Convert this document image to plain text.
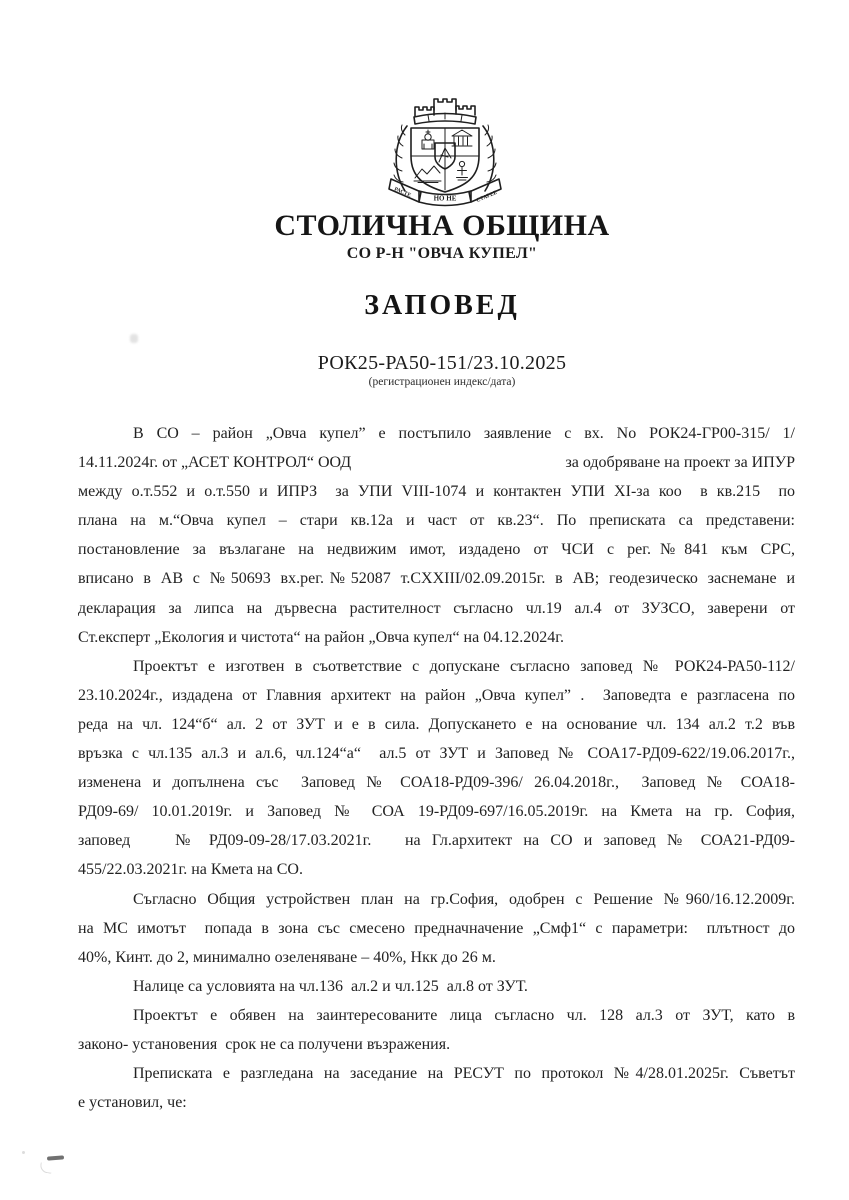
НО НЕ
РАСТЕ	СТАРЕЕ
СТОЛИЧНА ОБЩИНА
СО Р-Н "ОВЧА КУПЕЛ"
ЗАПОВЕД
РОК25-РА50-151/23.10.2025
(регистрационен индекс/дата)
В СО – район „Овча купел” е постъпило заявление с вх. No РОК24-ГР00-315/ 1/
14.11.2024г. от „АСЕТ КОНТРОЛ“ ООД	за одобряване на проект за ИПУР
между о.т.552 и о.т.550 и ИПРЗ  за УПИ VIII-1074 и контактен УПИ XI-за коо  в кв.215  по
плана на м.“Овча купел – стари кв.12а и част от кв.23“. По преписката са представени:
постановление за възлагане на недвижим имот, издадено от ЧСИ с рег.№841 към СРС,
вписано в АВ с №50693 вх.рег.№52087 т.CXXIII/02.09.2015г. в АВ; геодезическо заснемане и
декларация за липса на дървесна растителност съгласно чл.19 ал.4 от ЗУЗСО, заверени от
Ст.експерт „Екология и чистота“ на район „Овча купел“ на 04.12.2024г.
Проектът е изготвен в съответствие с допускане съгласно заповед № РОК24-РА50-112/
23.10.2024г., издадена от Главния архитект на район „Овча купел” .  Заповедта е разгласена по
реда на чл. 124“б“ ал. 2 от ЗУТ и е в сила. Допускането е на основание чл. 134 ал.2 т.2 във
връзка с чл.135 ал.3 и ал.6, чл.124“а“  ал.5 от ЗУТ и Заповед № СОА17-РД09-622/19.06.2017г.,
изменена и допълнена със  Заповед № СОА18-РД09-396/ 26.04.2018г.,  Заповед № СОА18-
РД09-69/ 10.01.2019г. и Заповед № СОА 19-РД09-697/16.05.2019г. на Кмета на гр. София,
заповед    № РД09-09-28/17.03.2021г.   на Гл.архитект на СО и заповед № СОА21-РД09-
455/22.03.2021г. на Кмета на СО.
Съгласно Общия устройствен план на гр.София, одобрен с Решение №960/16.12.2009г.
на МС имотът  попада в зона със смесено предначначение „Смф1“ с параметри:  плътност до
40%, Кинт. до 2, минимално озеленяване – 40%, Нкк до 26 м.
Налице са условията на чл.136  ал.2 и чл.125  ал.8 от ЗУТ.
Проектът е обявен на заинтересованите лица съгласно чл. 128 ал.3 от ЗУТ, като в
законо- установения  срок не са получени възражения.
Преписката е разгледана на заседание на РЕСУТ по протокол №4/28.01.2025г. Съветът
е установил, че:
